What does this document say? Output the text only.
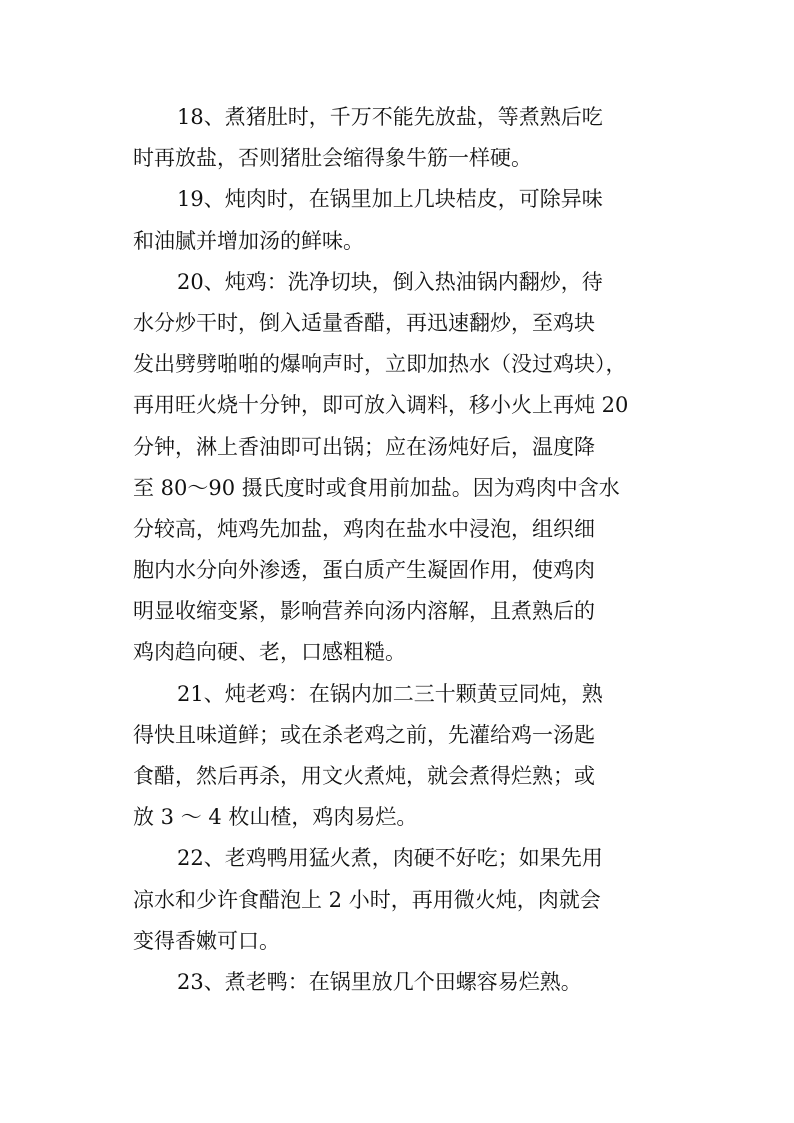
18、煮猪肚时，千万不能先放盐，等煮熟后吃
时再放盐，否则猪肚会缩得象牛筋一样硬。
19、炖肉时，在锅里加上几块桔皮，可除异味
和油腻并增加汤的鲜味。
20、炖鸡：洗净切块，倒入热油锅内翻炒，待
水分炒干时，倒入适量香醋，再迅速翻炒，至鸡块
发出劈劈啪啪的爆响声时，立即加热水（没过鸡块），
再用旺火烧十分钟，即可放入调料，移小火上再炖 20
分钟，淋上香油即可出锅；应在汤炖好后，温度降
至 80～90 摄氏度时或食用前加盐。因为鸡肉中含水
分较高，炖鸡先加盐，鸡肉在盐水中浸泡，组织细
胞内水分向外渗透，蛋白质产生凝固作用，使鸡肉
明显收缩变紧，影响营养向汤内溶解，且煮熟后的
鸡肉趋向硬、老，口感粗糙。
21、炖老鸡：在锅内加二三十颗黄豆同炖，熟
得快且味道鲜；或在杀老鸡之前，先灌给鸡一汤匙
食醋，然后再杀，用文火煮炖，就会煮得烂熟；或
放 3 ～ 4 枚山楂，鸡肉易烂。
22、老鸡鸭用猛火煮，肉硬不好吃；如果先用
凉水和少许食醋泡上 2 小时，再用微火炖，肉就会
变得香嫩可口。
23、煮老鸭：在锅里放几个田螺容易烂熟。
